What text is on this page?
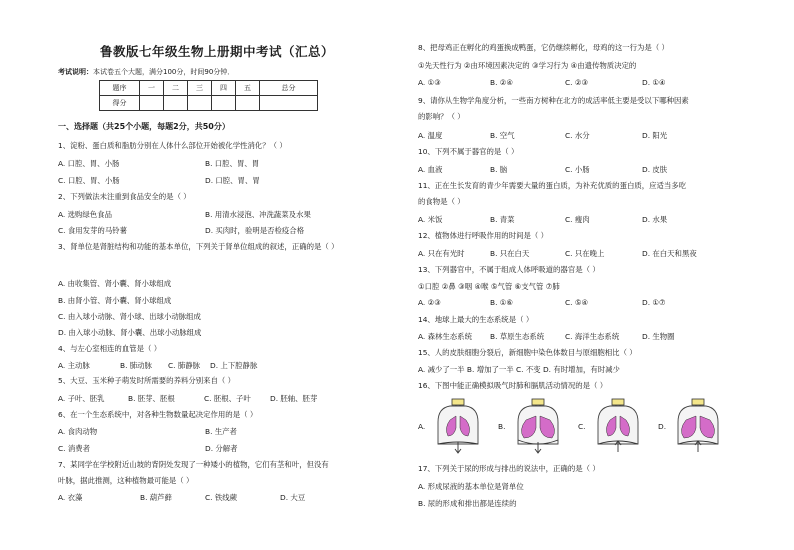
鲁教版七年级生物上册期中考试（汇总）
考试说明：本试卷五个大题，满分100分，时间90分钟．
题序	一	二	三	四	五	总分
得分						
一、选择题（共25个小题，每题2分，共50分）
1、淀粉、蛋白质和脂肪分别在人体什么部位开始被化学性消化？（ ）
A. 口腔、胃、小肠	B. 口腔、胃、胃
C. 口腔、胃、小肠	D. 口腔、胃、胃
2、下列做法未注重到食品安全的是（ ）
A. 选购绿色食品	B. 用清水浸泡、冲洗蔬菜及水果
C. 食用发芽的马铃薯	D. 买肉时，验明是否检疫合格
3、肾单位是肾脏结构和功能的基本单位，下列关于肾单位组成的叙述，正确的是（ ）
A. 由收集管、肾小囊、肾小球组成
B. 由肾小管、肾小囊、肾小球组成
C. 由入球小动脉、肾小球、出球小动脉组成
D. 由入球小动脉、肾小囊、出球小动脉组成
4、与左心室相连的血管是（ ）
A. 主动脉	B. 肺动脉 C. 肺静脉 D. 上下腔静脉
5、大豆、玉米种子萌发时所需要的养料分别来自（ ）
A. 子叶、胚乳	B. 胚芽、胚根	C. 胚根、子叶	D. 胚轴、胚芽
6、在一个生态系统中，对各种生物数量起决定作用的是（ ）
A. 食肉动物	B. 生产者
C. 消费者	D. 分解者
7、某同学在学校附近山坡的背阴处发现了一种矮小的植物，它们有茎和叶，但没有
叶脉，据此推测，这种植物最可能是（ ）
A. 衣藻	B. 葫芦藓	C. 铁线蕨	D. 大豆
8、把母鸡正在孵化的鸡蛋换成鸭蛋，它仍继续孵化，母鸡的这一行为是（ ）
①先天性行为 ②由环境因素决定的 ③学习行为 ④由遗传物质决定的
A. ①③	B. ②④	C. ②③	D. ①④
9、请你从生物学角度分析，一些南方树种在北方的成活率低主要是受以下哪种因素
的影响？（ ）
A. 温度	B. 空气	C. 水分	D. 阳光
10、下列不属于器官的是（ ）
A. 血液	B. 脑	C. 小肠	D. 皮肤
11、正在生长发育的青少年需要大量的蛋白质，为补充优质的蛋白质，应适当多吃
的食物是（ ）
A. 米饭	B. 青菜	C. 瘦肉	D. 水果
12、植物体进行呼吸作用的时间是（ ）
A. 只在有光时	B. 只在白天	C. 只在晚上	D. 在白天和黑夜
13、下列器官中，不属于组成人体呼吸道的器官是（ ）
①口腔 ②鼻 ③咽 ④喉 ⑤气管 ⑥支气管 ⑦肺
A. ②③	B. ①⑥	C. ⑤④	D. ①⑦
14、地球上最大的生态系统是（ ）
A. 森林生态系统 B. 草原生态系统	C. 海洋生态系统	D. 生物圈
15、人的皮肤细胞分裂后，新细胞中染色体数目与原细胞相比（ ）
A. 减少了一半 B. 增加了一半 C. 不变 D. 有时增加，有时减少
16、下图中能正确模拟吸气时肺和膈肌活动情况的是（ ）
A.	B.	C.	D.
17、下列关于尿的形成与排出的说法中，正确的是（ ）
A. 形成尿液的基本单位是肾单位
B. 尿的形成和排出都是连续的
